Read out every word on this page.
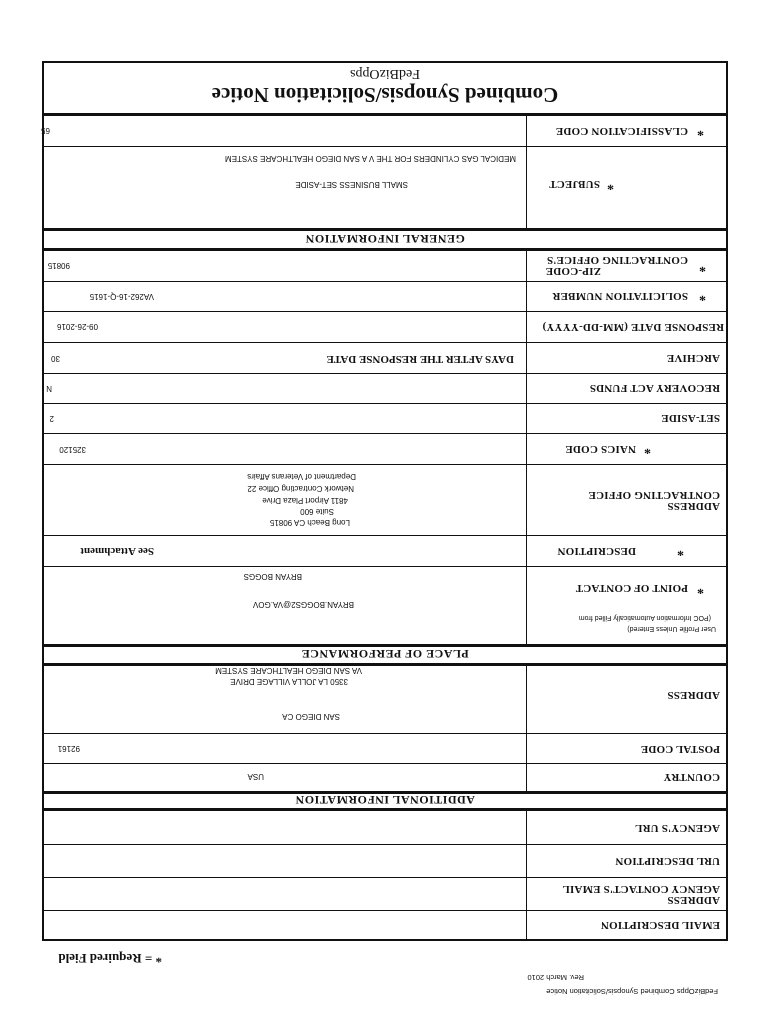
* = Required Field
FedBizOpps Combined Synopsis/Solicitation Notice
Rev. March 2010
EMAIL DESCRIPTION
ADDRESS
AGENCY CONTACT'S EMAIL
URL DESCRIPTION
AGENCY'S URL
ADDITIONAL INFORMATION
COUNTRY
USA
POSTAL CODE
92161
ADDRESS
SAN DIEGO CA
3350 LA JOLLA VILLAGE DRIVE
VA SAN DIEGO HEALTHCARE SYSTEM
PLACE OF PERFORMANCE
User Profile Unless Entered)
(POC Information Automatically Filled from
*
POINT OF CONTACT
BRYAN.BOGGS2@VA.GOV
BRYAN BOGGS
*
DESCRIPTION
See Attachment
ADDRESS
CONTRACTING OFFICE
Long Beach CA 90815
Suite 600
4811 Airport Plaza Drive
Network Contracting Office 22
Department of Veterans Affairs
*
NAICS CODE
325120
SET-ASIDE
2
RECOVERY ACT FUNDS
N
ARCHIVE
DAYS AFTER THE RESPONSE DATE
30
RESPONSE DATE (MM-DD-YYYY)
09-26-2016
*
SOLICITATION NUMBER
VA262-16-Q-1615
*
ZIP-CODE
CONTRACTING OFFICE'S
90815
GENERAL INFORMATION
*
SUBJECT
SMALL BUSINESS SET-ASIDE
MEDICAL GAS CYLINDERS FOR THE V A SAN DIEGO HEALTHCARE SYSTEM
*
CLASSIFICATION CODE
65
Combined Synopsis/Solicitation Notice
FedBizOpps
